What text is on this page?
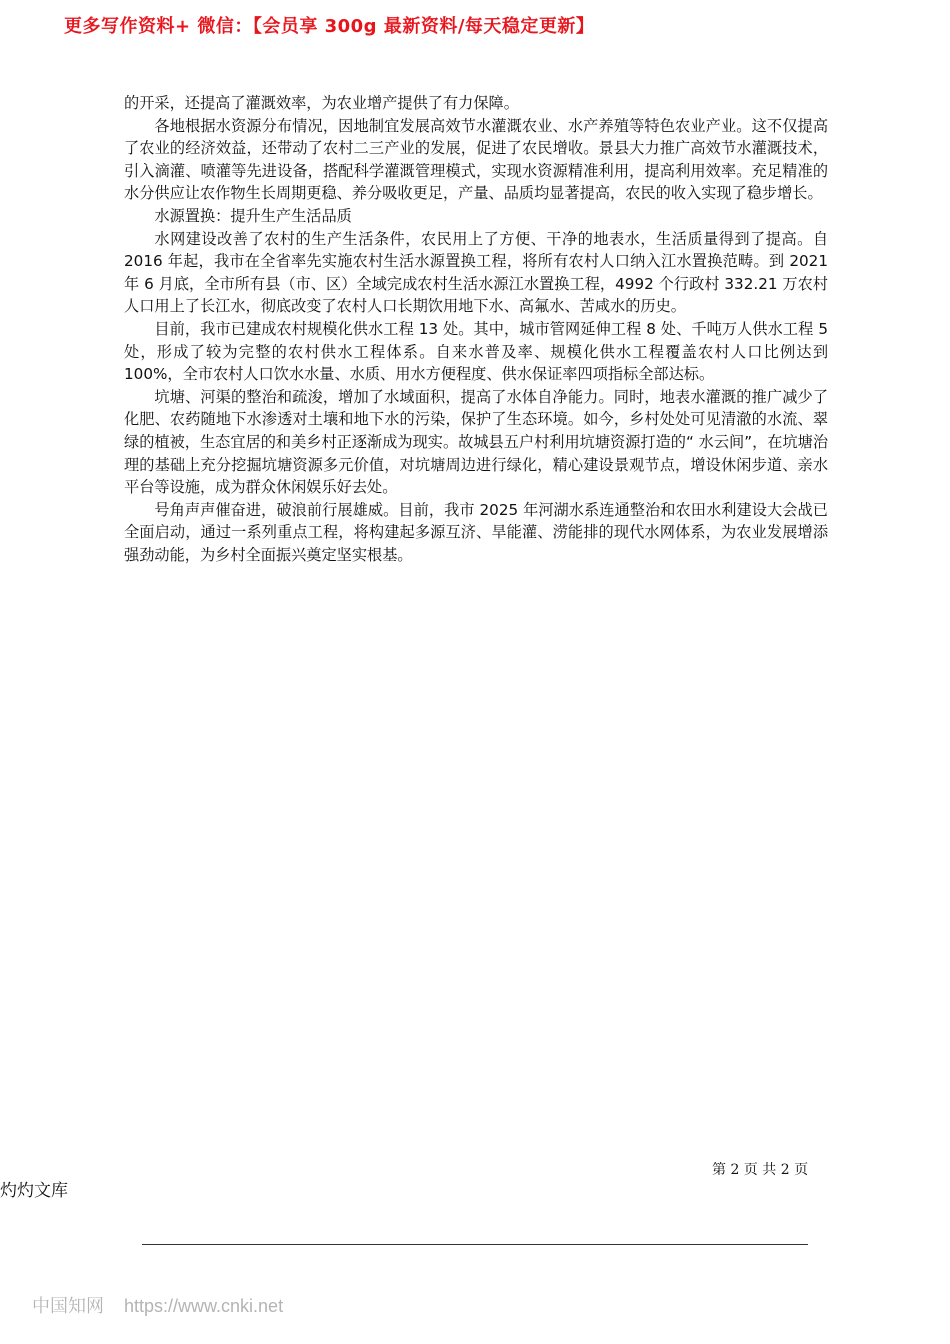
更多写作资料+ 微信：【会员享 300g 最新资料/每天稳定更新】

的开采，还提高了灌溉效率，为农业增产提供了有力保障。

各地根据水资源分布情况，因地制宜发展高效节水灌溉农业、水产养殖等特色农业产业。这不仅提高了农业的经济效益，还带动了农村二三产业的发展，促进了农民增收。景县大力推广高效节水灌溉技术，引入滴灌、喷灌等先进设备，搭配科学灌溉管理模式，实现水资源精准利用，提高利用效率。充足精准的水分供应让农作物生长周期更稳、养分吸收更足，产量、品质均显著提高，农民的收入实现了稳步增长。

水源置换：提升生产生活品质

水网建设改善了农村的生产生活条件，农民用上了方便、干净的地表水，生活质量得到了提高。自 2016 年起，我市在全省率先实施农村生活水源置换工程，将所有农村人口纳入江水置换范畴。到 2021 年 6 月底，全市所有县（市、区）全域完成农村生活水源江水置换工程，4992 个行政村 332.21 万农村人口用上了长江水，彻底改变了农村人口长期饮用地下水、高氟水、苦咸水的历史。

目前，我市已建成农村规模化供水工程 13 处。其中，城市管网延伸工程 8 处、千吨万人供水工程 5 处，形成了较为完整的农村供水工程体系。自来水普及率、规模化供水工程覆盖农村人口比例达到 100%，全市农村人口饮水水量、水质、用水方便程度、供水保证率四项指标全部达标。

坑塘、河渠的整治和疏浚，增加了水域面积，提高了水体自净能力。同时，地表水灌溉的推广减少了化肥、农药随地下水渗透对土壤和地下水的污染，保护了生态环境。如今，乡村处处可见清澈的水流、翠绿的植被，生态宜居的和美乡村正逐渐成为现实。故城县五户村利用坑塘资源打造的“ 水云间”，在坑塘治理的基础上充分挖掘坑塘资源多元价值，对坑塘周边进行绿化，精心建设景观节点，增设休闲步道、亲水平台等设施，成为群众休闲娱乐好去处。

号角声声催奋进，破浪前行展雄威。目前，我市 2025 年河湖水系连通整治和农田水利建设大会战已全面启动，通过一系列重点工程，将构建起多源互济、旱能灌、涝能排的现代水网体系，为农业发展增添强劲动能，为乡村全面振兴奠定坚实根基。

第 2 页 共 2 页
灼灼文库
中国知网 https://www.cnki.net
